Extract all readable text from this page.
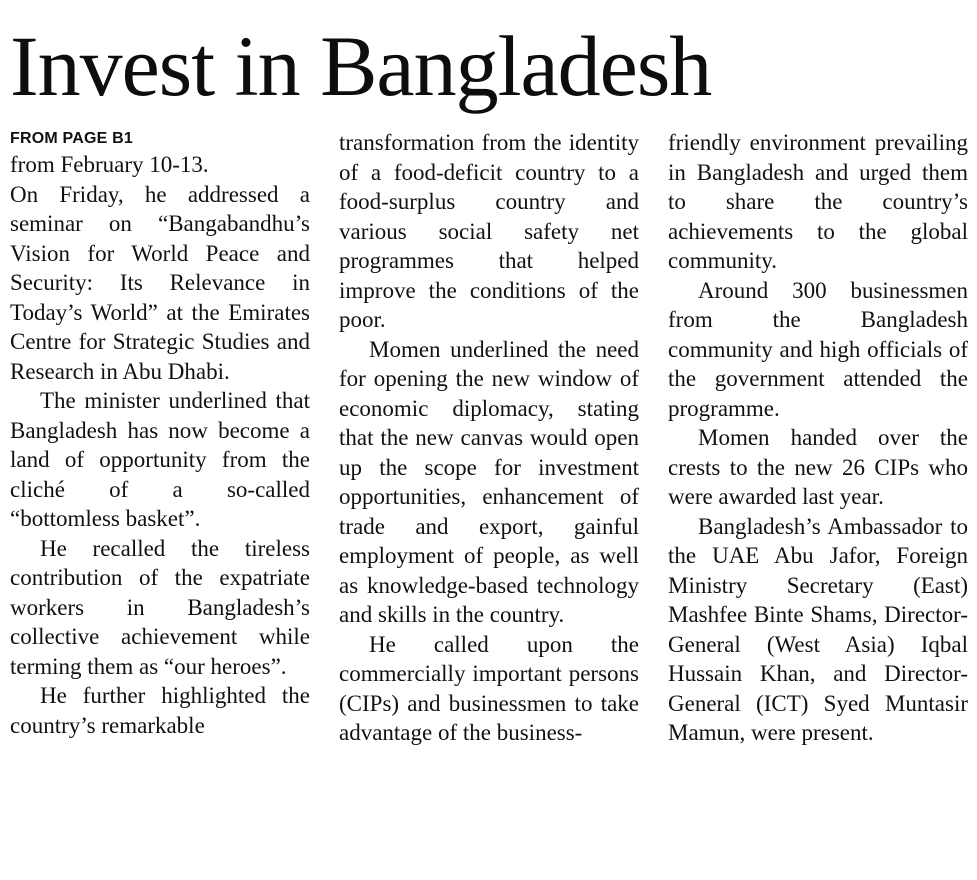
Invest in Bangladesh
FROM PAGE B1

from February 10-13.

On Friday, he addressed a seminar on “Bangabandhu’s Vision for World Peace and Security: Its Relevance in Today’s World” at the Emirates Centre for Strategic Studies and Research in Abu Dhabi.

The minister underlined that Bangladesh has now become a land of opportunity from the cliché of a so-called “bottomless basket”.

He recalled the tireless contribution of the expatriate workers in Bangladesh’s collective achievement while terming them as “our heroes”.

He further highlighted the country’s remarkable

transformation from the identity of a food-deficit country to a food-surplus country and various social safety net programmes that helped improve the conditions of the poor.

Momen underlined the need for opening the new window of economic diplomacy, stating that the new canvas would open up the scope for investment opportunities, enhancement of trade and export, gainful employment of people, as well as knowledge-based technology and skills in the country.

He called upon the commercially important persons (CIPs) and businessmen to take advantage of the business-

friendly environment prevailing in Bangladesh and urged them to share the country’s achievements to the global community.

Around 300 businessmen from the Bangladesh community and high officials of the government attended the programme.

Momen handed over the crests to the new 26 CIPs who were awarded last year.

Bangladesh’s Ambassador to the UAE Abu Jafor, Foreign Ministry Secretary (East) Mashfee Binte Shams, Director-General (West Asia) Iqbal Hussain Khan, and Director-General (ICT) Syed Muntasir Mamun, were present.
